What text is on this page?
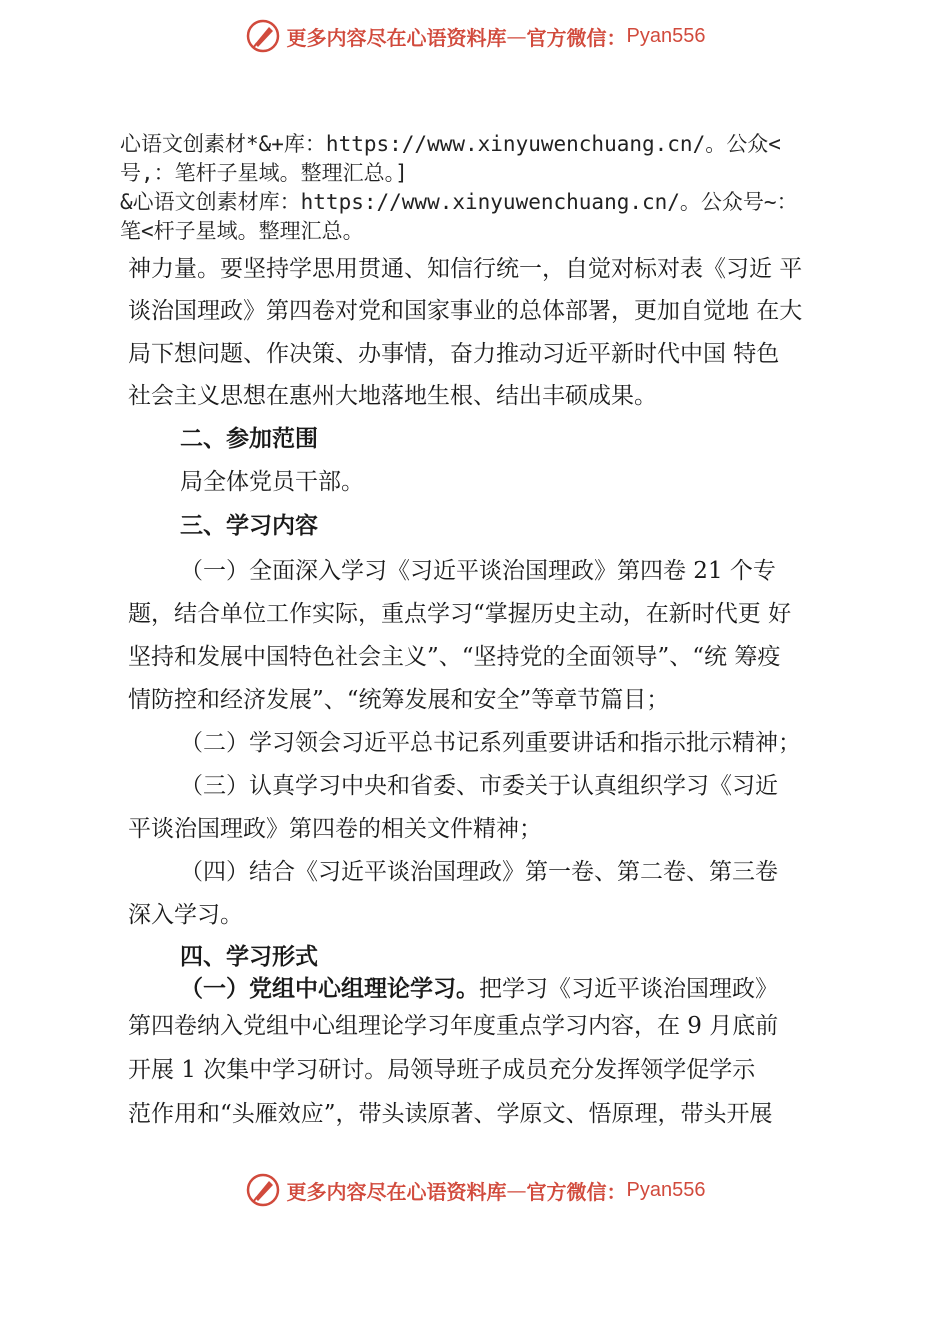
更多内容尽在心语资料库 — 官方微信： Pyan556
心语文创素材*&+库：https://www.xinyuwenchuang.cn/。公众<
号,：笔杆子星域。整理汇总。]
&心语文创素材库：https://www.xinyuwenchuang.cn/。公众号~：
笔<杆子星域。整理汇总。
神力量。要坚持学思用贯通、知信行统一，自觉对标对表《习近 平
谈治国理政》第四卷对党和国家事业的总体部署，更加自觉地 在大
局下想问题、作决策、办事情，奋力推动习近平新时代中国 特色
社会主义思想在惠州大地落地生根、结出丰硕成果。
二、参加范围
局全体党员干部。
三、学习内容
（一）全面深入学习《习近平谈治国理政》第四卷 21 个专
题，结合单位工作实际，重点学习“掌握历史主动，在新时代更 好
坚持和发展中国特色社会主义”、“坚持党的全面领导”、“统 筹疫
情防控和经济发展”、“统筹发展和安全”等章节篇目；
（二）学习领会习近平总书记系列重要讲话和指示批示精神；
（三）认真学习中央和省委、市委关于认真组织学习《习近
平谈治国理政》第四卷的相关文件精神；
（四）结合《习近平谈治国理政》第一卷、第二卷、第三卷
深入学习。
四、学习形式
（一）党组中心组理论学习。把学习《习近平谈治国理政》
第四卷纳入党组中心组理论学习年度重点学习内容，在 9 月底前
开展 1 次集中学习研讨。局领导班子成员充分发挥领学促学示
范作用和“头雁效应”，带头读原著、学原文、悟原理，带头开展
更多内容尽在心语资料库 — 官方微信： Pyan556
